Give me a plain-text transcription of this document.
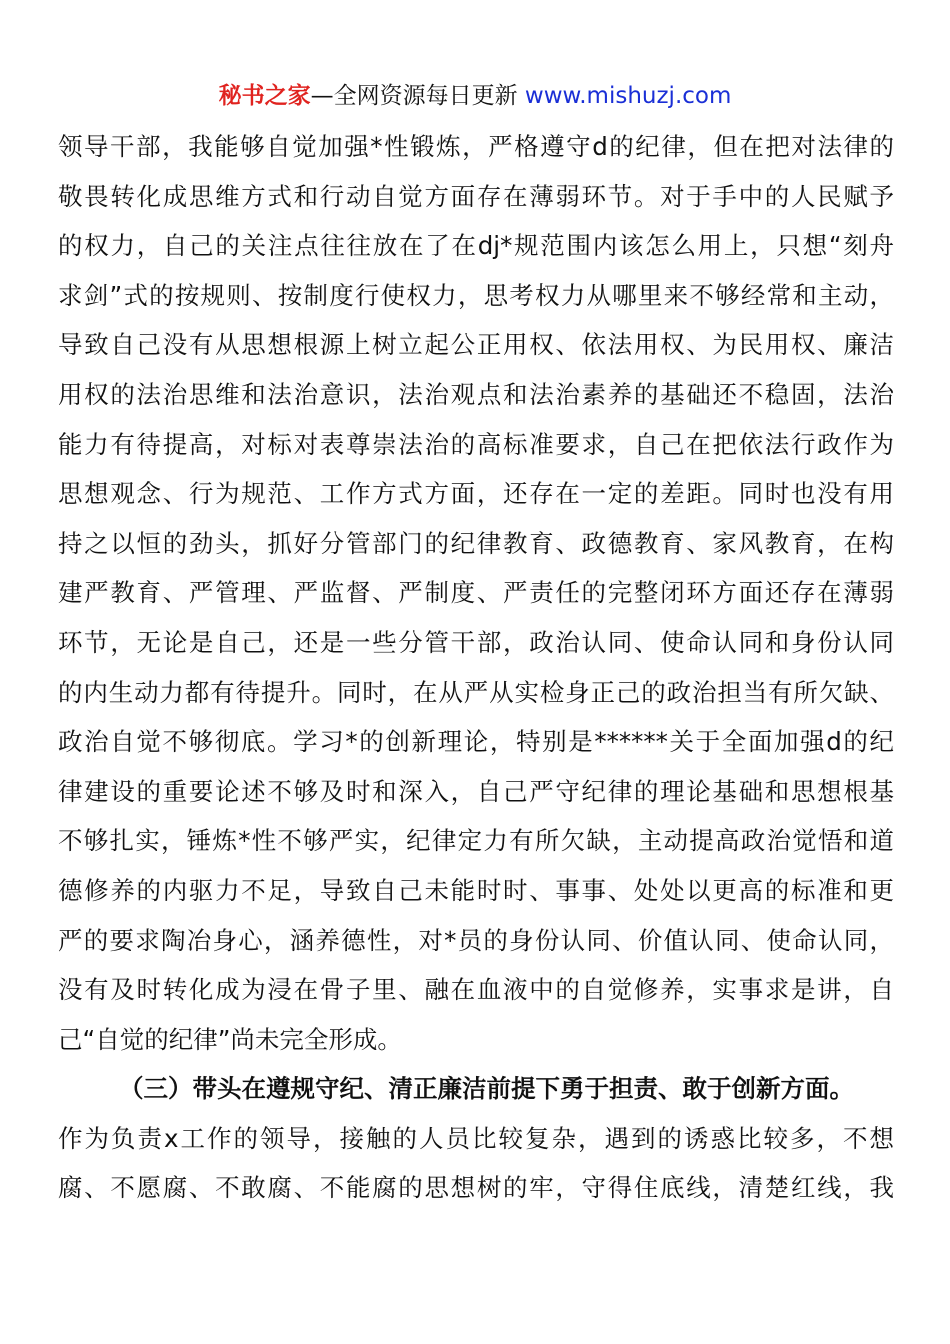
秘书之家—全网资源每日更新 www.mishuzj.com
领导干部，我能够自觉加强*性锻炼，严格遵守d的纪律，但在把对法律的
敬畏转化成思维方式和行动自觉方面存在薄弱环节。对于手中的人民赋予
的权力，自己的关注点往往放在了在dj*规范围内该怎么用上，只想“刻舟
求剑”式的按规则、按制度行使权力，思考权力从哪里来不够经常和主动，
导致自己没有从思想根源上树立起公正用权、依法用权、为民用权、廉洁
用权的法治思维和法治意识，法治观点和法治素养的基础还不稳固，法治
能力有待提高，对标对表尊崇法治的高标准要求，自己在把依法行政作为
思想观念、行为规范、工作方式方面，还存在一定的差距。同时也没有用
持之以恒的劲头，抓好分管部门的纪律教育、政德教育、家风教育，在构
建严教育、严管理、严监督、严制度、严责任的完整闭环方面还存在薄弱
环节，无论是自己，还是一些分管干部，政治认同、使命认同和身份认同
的内生动力都有待提升。同时，在从严从实检身正己的政治担当有所欠缺、
政治自觉不够彻底。学习*的创新理论，特别是******关于全面加强d的纪
律建设的重要论述不够及时和深入，自己严守纪律的理论基础和思想根基
不够扎实，锤炼*性不够严实，纪律定力有所欠缺，主动提高政治觉悟和道
德修养的内驱力不足，导致自己未能时时、事事、处处以更高的标准和更
严的要求陶冶身心，涵养德性，对*员的身份认同、价值认同、使命认同，
没有及时转化成为浸在骨子里、融在血液中的自觉修养，实事求是讲，自
己“自觉的纪律”尚未完全形成。
（三）带头在遵规守纪、清正廉洁前提下勇于担责、敢于创新方面。
作为负责x工作的领导，接触的人员比较复杂，遇到的诱惑比较多，不想
腐、不愿腐、不敢腐、不能腐的思想树的牢，守得住底线，清楚红线，我
